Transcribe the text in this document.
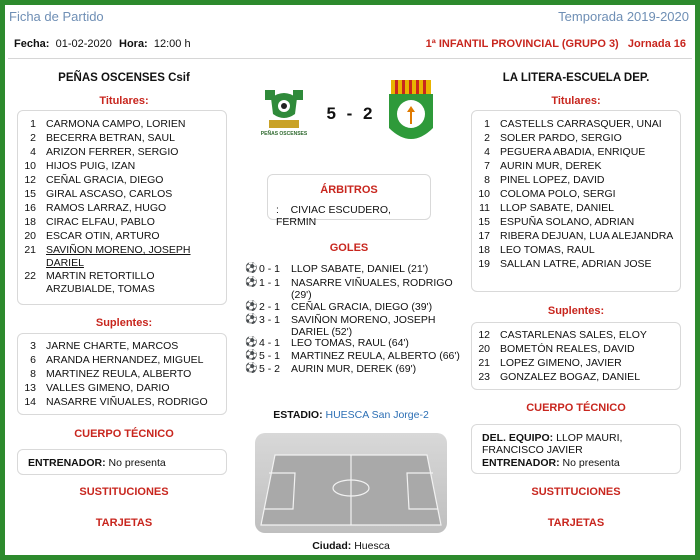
Ficha de Partido	Temporada 2019-2020
Fecha: 01-02-2020 Hora: 12:00 h	1ª INFANTIL PROVINCIAL (GRUPO 3) Jornada 16
PEÑAS OSCENSES Csif
Titulares:
1 CARMONA CAMPO, LORIEN
2 BECERRA BETRAN, SAUL
4 ARIZON FERRER, SERGIO
10 HIJOS PUIG, IZAN
12 CEÑAL GRACIA, DIEGO
15 GIRAL ASCASO, CARLOS
16 RAMOS LARRAZ, HUGO
18 CIRAC ELFAU, PABLO
20 ESCAR OTIN, ARTURO
21 SAVIÑON MORENO, JOSEPH DARIEL
22 MARTIN RETORTILLO ARZUBIALDE, TOMAS
Suplentes:
3 JARNE CHARTE, MARCOS
6 ARANDA HERNANDEZ, MIGUEL
8 MARTINEZ REULA, ALBERTO
13 VALLES GIMENO, DARIO
14 NASARRE VIÑUALES, RODRIGO
CUERPO TÉCNICO
ENTRENADOR: No presenta
SUSTITUCIONES
TARJETAS
PEÑAS OSCENSES
5 - 2
ÁRBITROS
: CIVIAC ESCUDERO, FERMIN
GOLES
⚽ 0 - 1	LLOP SABATE, DANIEL (21')
⚽ 1 - 1	NASARRE VIÑUALES, RODRIGO (29')
⚽ 2 - 1	CEÑAL GRACIA, DIEGO (39')
⚽ 3 - 1	SAVIÑON MORENO, JOSEPH DARIEL (52')
⚽ 4 - 1	LEO TOMAS, RAUL (64')
⚽ 5 - 1	MARTINEZ REULA, ALBERTO (66')
⚽ 5 - 2	AURIN MUR, DEREK (69')
ESTADIO: HUESCA San Jorge-2
Ciudad: Huesca
LA LITERA-ESCUELA DEP.
Titulares:
1 CASTELLS CARRASQUER, UNAI
2 SOLER PARDO, SERGIO
4 PEGUERA ABADIA, ENRIQUE
7 AURIN MUR, DEREK
8 PINEL LOPEZ, DAVID
10 COLOMA POLO, SERGI
11 LLOP SABATE, DANIEL
15 ESPUÑA SOLANO, ADRIAN
17 RIBERA DEJUAN, LUA ALEJANDRA
18 LEO TOMAS, RAUL
19 SALLAN LATRE, ADRIAN JOSE
Suplentes:
12 CASTARLENAS SALES, ELOY
20 BOMETÓN REALES, DAVID
21 LOPEZ GIMENO, JAVIER
23 GONZALEZ BOGAZ, DANIEL
CUERPO TÉCNICO
DEL. EQUIPO: LLOP MAURI, FRANCISCO JAVIER
ENTRENADOR: No presenta
SUSTITUCIONES
TARJETAS
